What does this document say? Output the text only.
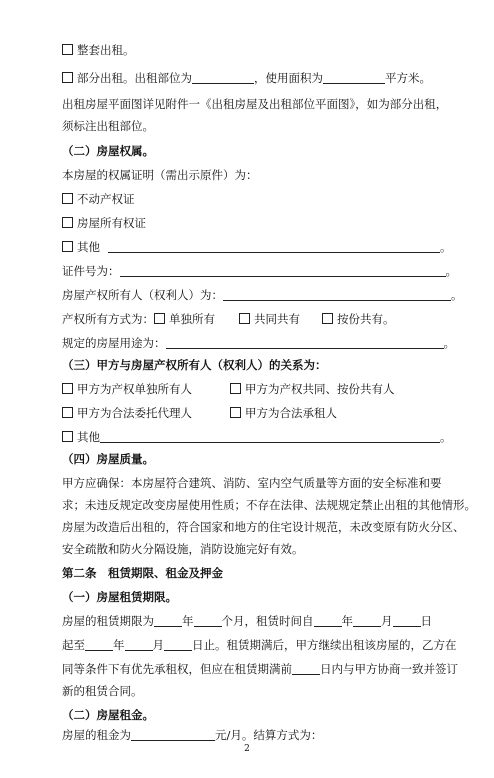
整套出租。
部分出租。出租部位为	，使用面积为	平方米。
出租房屋平面图详见附件一《出租房屋及出租部位平面图》，如为部分出租，
须标注出租部位。
（二）房屋权属。
本房屋的权属证明（需出示原件）为：
不动产权证
房屋所有权证
其他	。
证件号为：	。
房屋产权所有人（权利人）为：	。
产权所有方式为： 单独所有	共同共有	按份共有。
规定的房屋用途为：	。
（三）甲方与房屋产权所有人（权利人）的关系为：
甲方为产权单独所有人	甲方为产权共同、按份共有人
甲方为合法委托代理人	甲方为合法承租人
其他	。
（四）房屋质量。
甲方应确保：本房屋符合建筑、消防、室内空气质量等方面的安全标准和要
求；未违反规定改变房屋使用性质；不存在法律、法规规定禁止出租的其他情形。
房屋为改造后出租的，符合国家和地方的住宅设计规范，未改变原有防火分区、
安全疏散和防火分隔设施，消防设施完好有效。
第二条　租赁期限、租金及押金
（一）房屋租赁期限。
房屋的租赁期限为 年 个月，租赁时间自 年 月 日
起至 年 月 日止。租赁期满后，甲方继续出租该房屋的，乙方在
同等条件下有优先承租权，但应在租赁期满前 日内与甲方协商一致并签订
新的租赁合同。
（二）房屋租金。
房屋的租金为	元/月。结算方式为：
2
